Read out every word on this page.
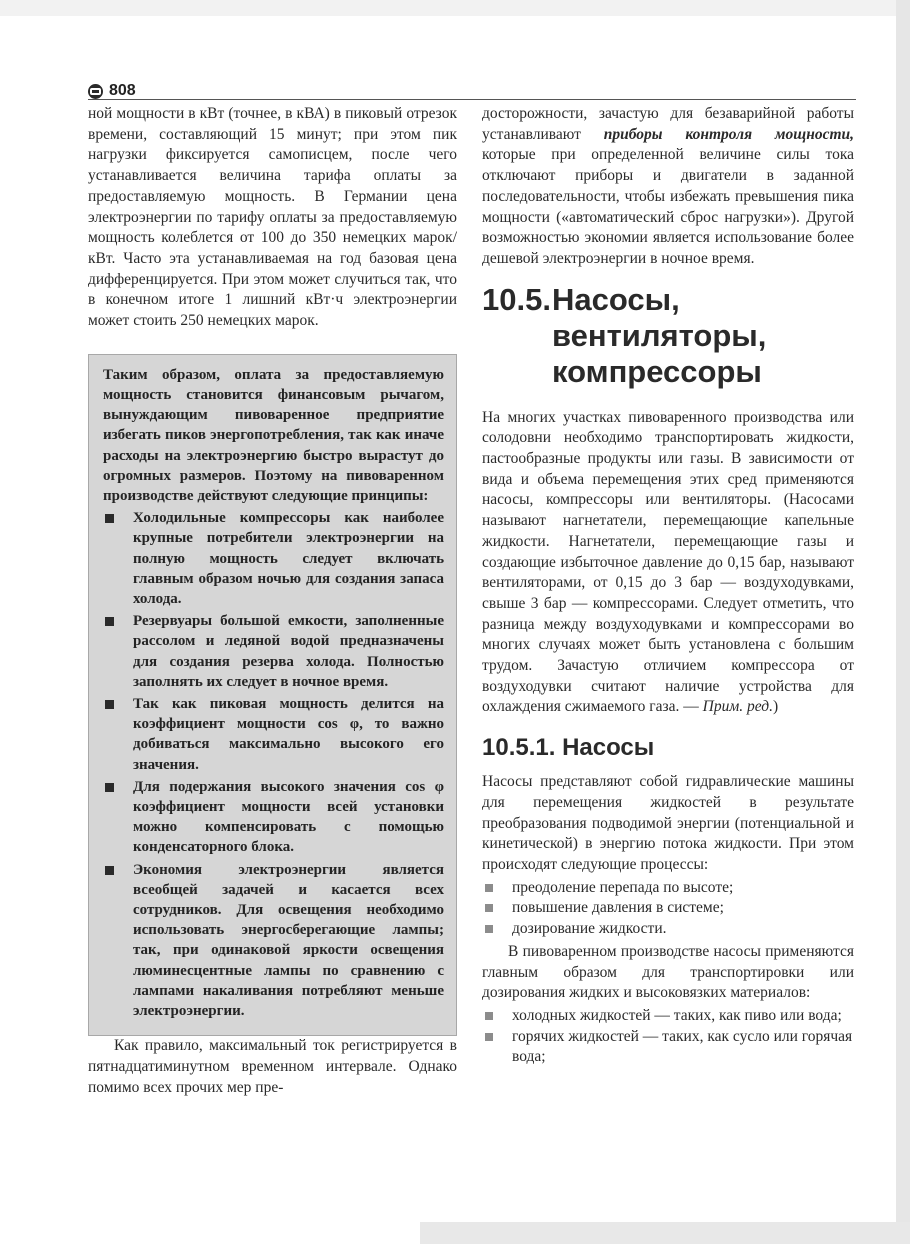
808

ной мощности в кВт (точнее, в кВА) в пиковый отрезок времени, составляющий 15 минут; при этом пик нагрузки фиксируется самописцем, после чего устанавливается величина тарифа оплаты за предоставляемую мощность. В Германии цена электроэнергии по тарифу оплаты за предоставляемую мощность колеблется от 100 до 350 немецких марок/кВт. Часто эта устанавливаемая на год базовая цена дифференцируется. При этом может случиться так, что в конечном итоге 1 лишний кВт·ч электроэнергии может стоить 250 немецких марок.

Таким образом, оплата за предоставляемую мощность становится финансовым рычагом, вынуждающим пивоваренное предприятие избегать пиков энергопотребления, так как иначе расходы на электроэнергию быстро вырастут до огромных размеров. Поэтому на пивоваренном производстве действуют следующие принципы:

Холодильные компрессоры как наиболее крупные потребители электроэнергии на полную мощность следует включать главным образом ночью для создания запаса холода.
Резервуары большой емкости, заполненные рассолом и ледяной водой предназначены для создания резерва холода. Полностью заполнять их следует в ночное время.
Так как пиковая мощность делится на коэффициент мощности cos φ, то важно добиваться максимально высокого его значения.
Для подержания высокого значения cos φ коэффициент мощности всей установки можно компенсировать с помощью конденсаторного блока.
Экономия электроэнергии является всеобщей задачей и касается всех сотрудников. Для освещения необходимо использовать энергосберегающие лампы; так, при одинаковой яркости освещения люминесцентные лампы по сравнению с лампами накаливания потребляют меньше электроэнергии.

Как правило, максимальный ток регистрируется в пятнадцатиминутном временном интервале. Однако помимо всех прочих мер пре-

досторожности, зачастую для безаварийной работы устанавливают приборы контроля мощности, которые при определенной величине силы тока отключают приборы и двигатели в заданной последовательности, чтобы избежать превышения пика мощности («автоматический сброс нагрузки»). Другой возможностью экономии является использование более дешевой электроэнергии в ночное время.

10.5. Насосы,
вентиляторы,
компрессоры

На многих участках пивоваренного производства или солодовни необходимо транспортировать жидкости, пастообразные продукты или газы. В зависимости от вида и объема перемещения этих сред применяются насосы, компрессоры или вентиляторы. (Насосами называют нагнетатели, перемещающие капельные жидкости. Нагнетатели, перемещающие газы и создающие избыточное давление до 0,15 бар, называют вентиляторами, от 0,15 до 3 бар — воздуходувками, свыше 3 бар — компрессорами. Следует отметить, что разница между воздуходувками и компрессорами во многих случаях может быть установлена с большим трудом. Зачастую отличием компрессора от воздуходувки считают наличие устройства для охлаждения сжимаемого газа. — Прим. ред.)

10.5.1. Насосы

Насосы представляют собой гидравлические машины для перемещения жидкостей в результате преобразования подводимой энергии (потенциальной и кинетической) в энергию потока жидкости. При этом происходят следующие процессы:

преодоление перепада по высоте;
повышение давления в системе;
дозирование жидкости.

В пивоваренном производстве насосы применяются главным образом для транспортировки или дозирования жидких и высоковязких материалов:

холодных жидкостей — таких, как пиво или вода;
горячих жидкостей — таких, как сусло или горячая вода;
